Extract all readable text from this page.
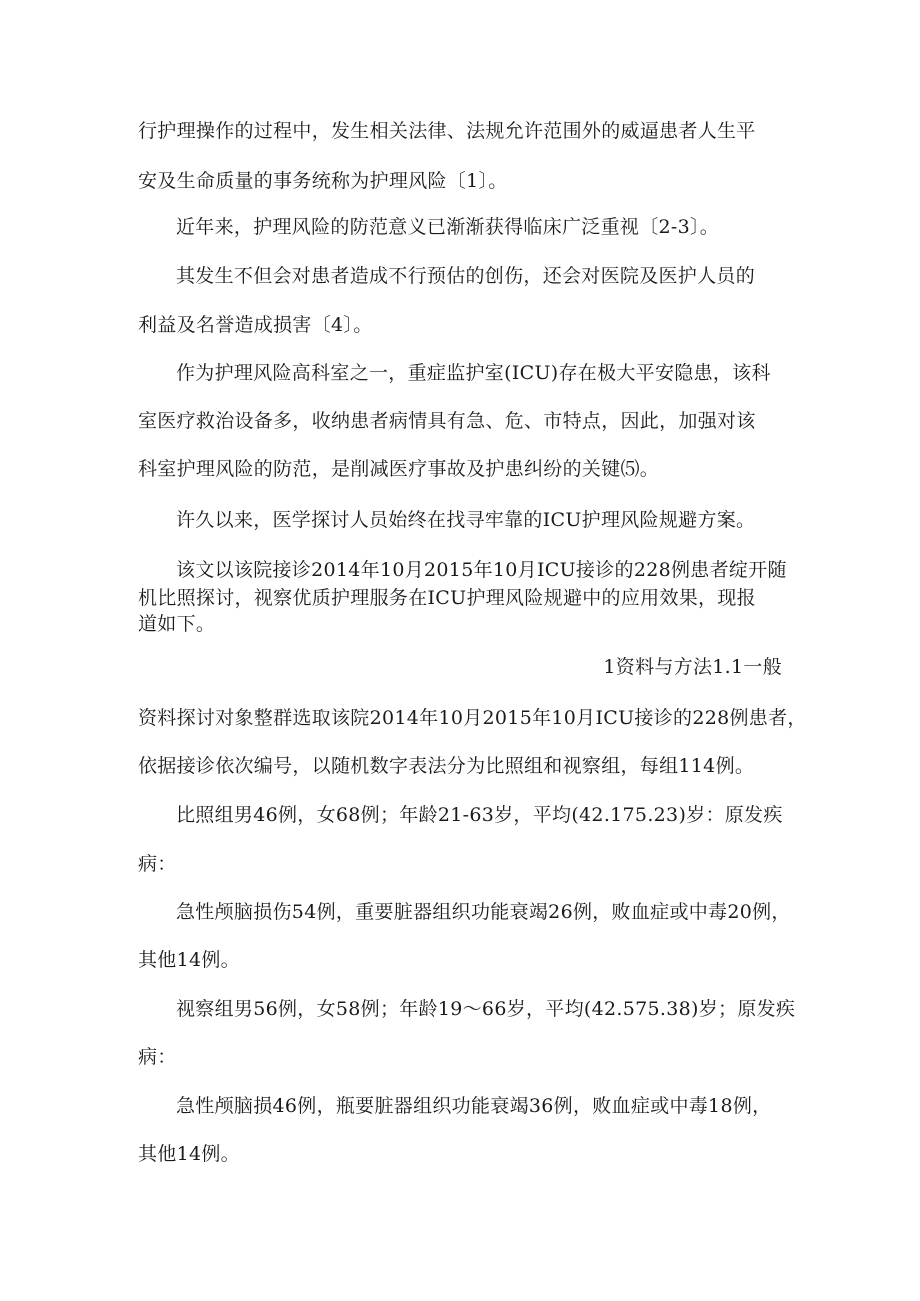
行护理操作的过程中，发生相关法律、法规允许范围外的威逼患者人生平
安及生命质量的事务统称为护理风险〔1〕。
近年来，护理风险的防范意义已渐渐获得临床广泛重视〔2-3〕。
其发生不但会对患者造成不行预估的创伤，还会对医院及医护人员的
利益及名誉造成损害〔4〕。
作为护理风险高科室之一，重症监护室(ICU)存在极大平安隐患，该科
室医疗救治设备多，收纳患者病情具有急、危、市特点，因此，加强对该
科室护理风险的防范，是削减医疗事故及护患纠纷的关键⑸。
许久以来，医学探讨人员始终在找寻牢靠的ICU护理风险规避方案。
该文以该院接诊2014年10月2015年10月ICU接诊的228例患者绽开随
机比照探讨，视察优质护理服务在ICU护理风险规避中的应用效果，现报
道如下。
1资料与方法1.1一般
资料探讨对象整群选取该院2014年10月2015年10月ICU接诊的228例患者，
依据接诊依次编号，以随机数字表法分为比照组和视察组，每组114例。
比照组男46例，女68例；年龄21-63岁，平均(42.175.23)岁：原发疾
病：
急性颅脑损伤54例，重要脏器组织功能衰竭26例，败血症或中毒20例，
其他14例。
视察组男56例，女58例；年龄19～66岁，平均(42.575.38)岁；原发疾
病：
急性颅脑损46例，瓶要脏器组织功能衰竭36例，败血症或中毒18例，
其他14例。
